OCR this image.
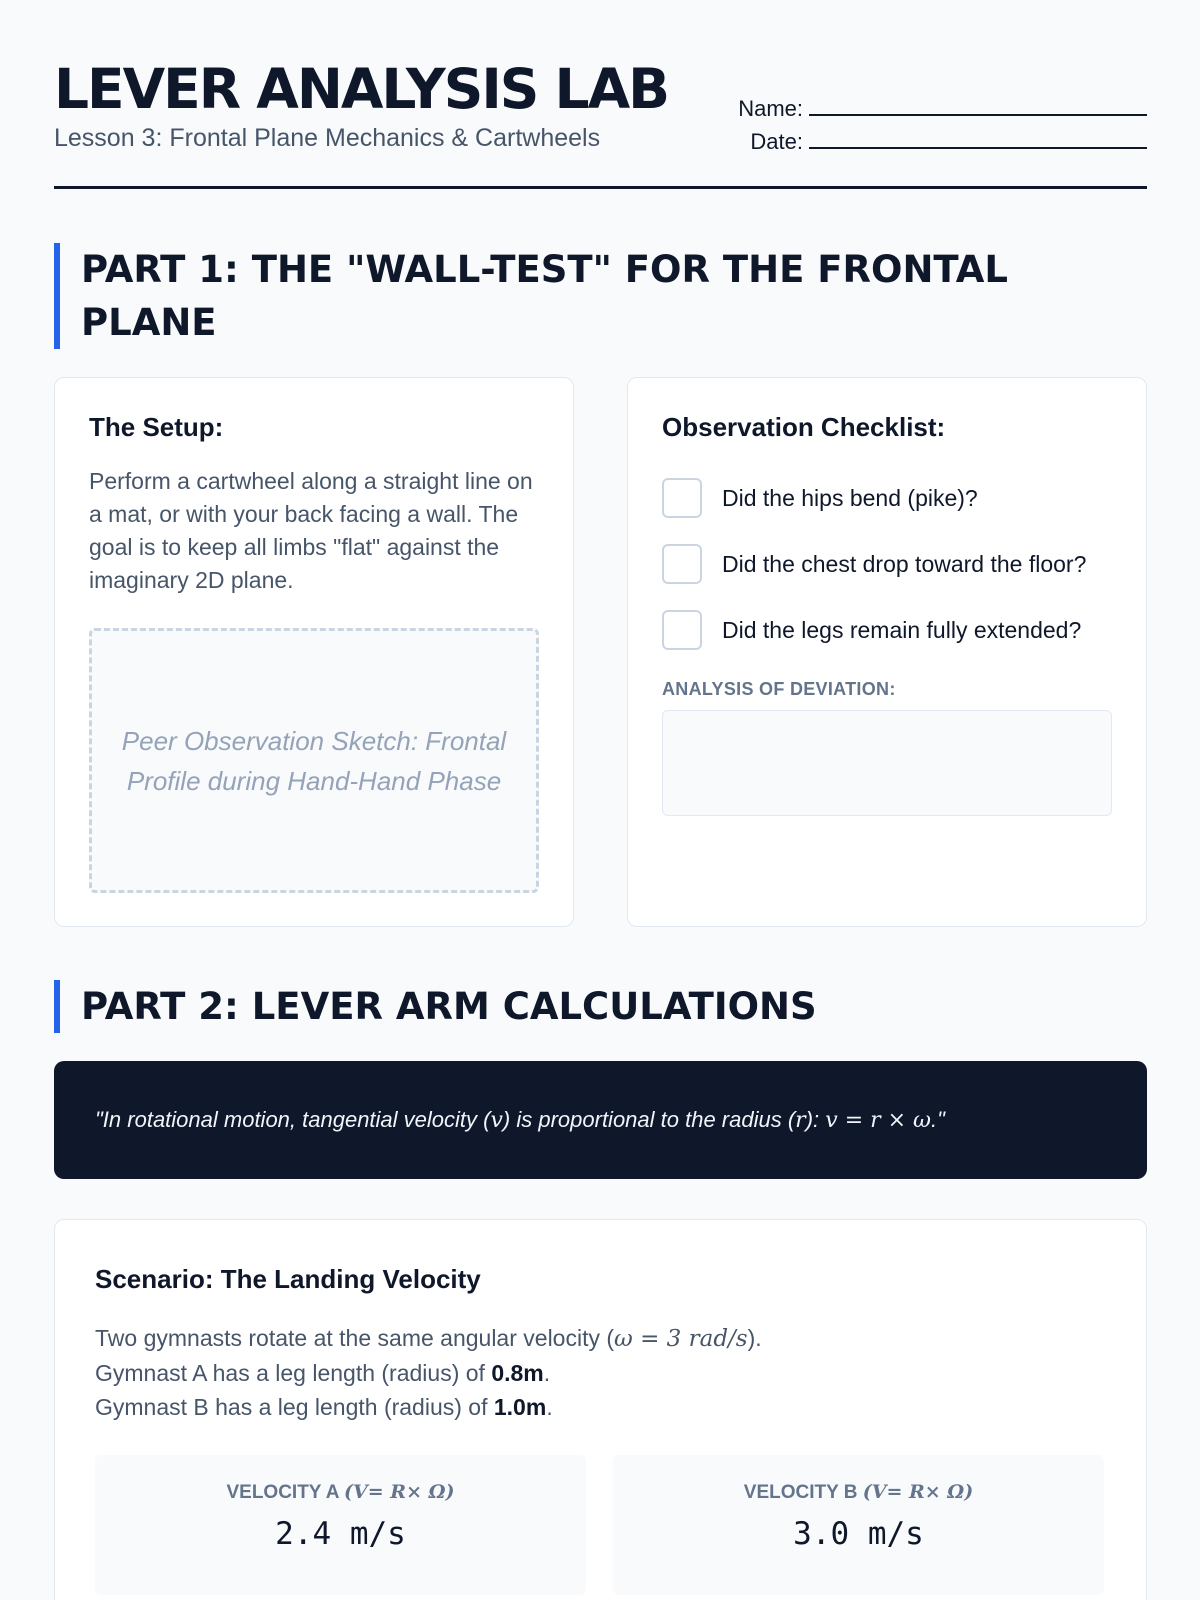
LEVER ANALYSIS LAB
Lesson 3: Frontal Plane Mechanics & Cartwheels
Name:
Date:
PART 1: THE "WALL-TEST" FOR THE FRONTAL PLANE
The Setup:
Perform a cartwheel along a straight line on a mat, or with your back facing a wall. The goal is to keep all limbs "flat" against the imaginary 2D plane.
Peer Observation Sketch: Frontal Profile during Hand-Hand Phase
Observation Checklist:
Did the hips bend (pike)?
Did the chest drop toward the floor?
Did the legs remain fully extended?
ANALYSIS OF DEVIATION:
PART 2: LEVER ARM CALCULATIONS
"In rotational motion, tangential velocity (v) is proportional to the radius (r): v = r × ω."
Scenario: The Landing Velocity
Two gymnasts rotate at the same angular velocity (ω = 3 rad/s).
Gymnast A has a leg length (radius) of 0.8m.
Gymnast B has a leg length (radius) of 1.0m.
VELOCITY A (V= R× Ω)
2.4 m/s
VELOCITY B (V= R× Ω)
3.0 m/s
